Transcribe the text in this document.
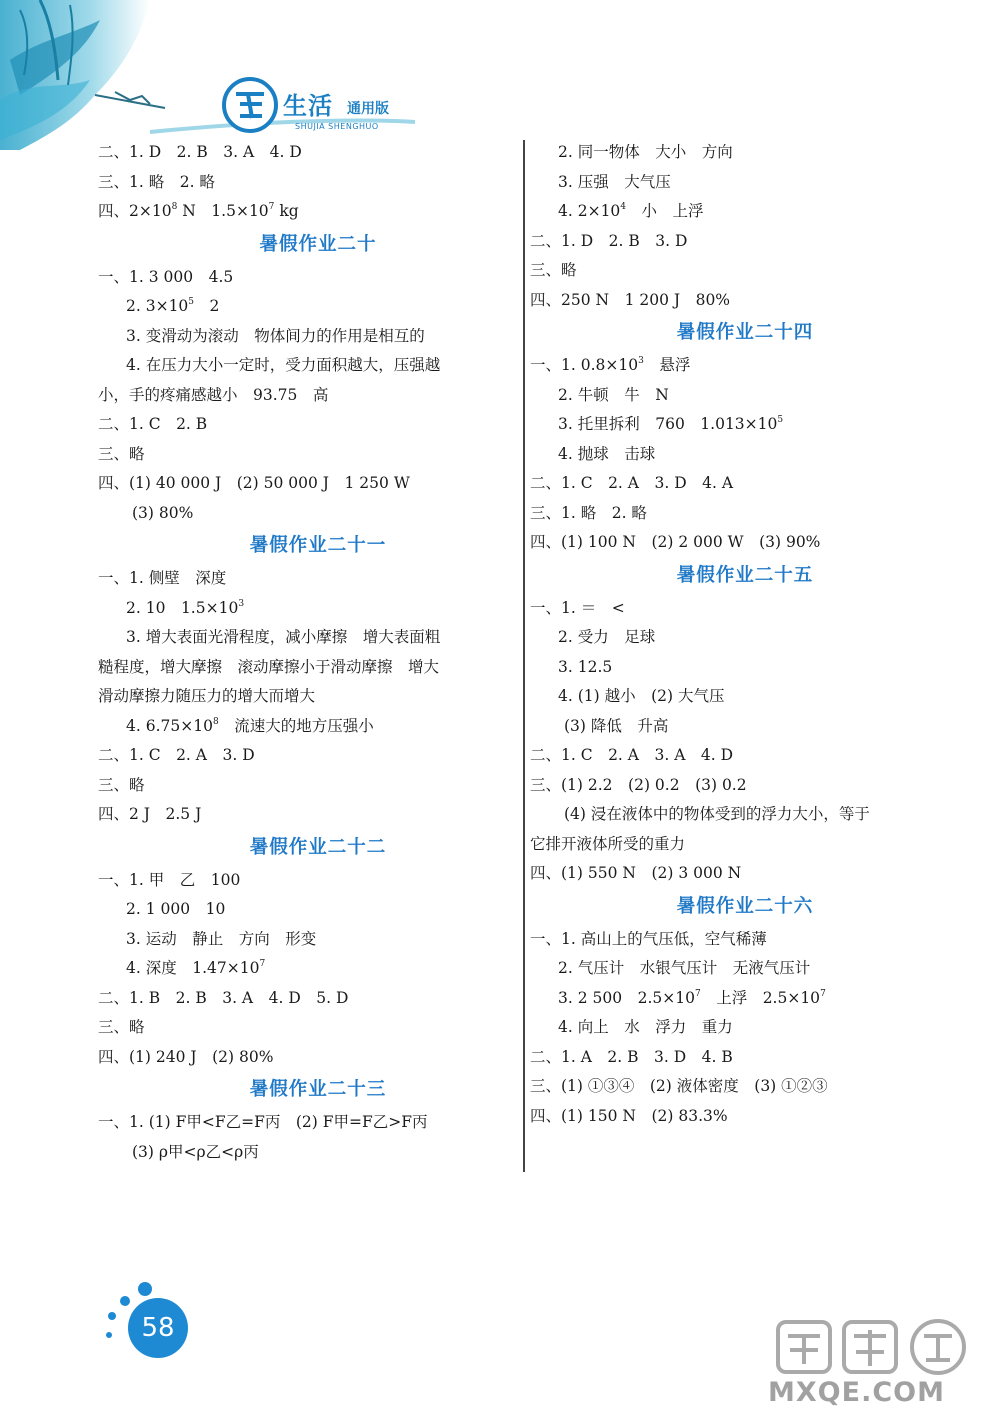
通用版
SHUJIA SHENGHUO
生活
二、1. D　2. B　3. A　4. D
三、1. 略　2. 略
四、$2\times 10^8$ N　$1.5\times 10^7$ kg
暑假作业二十
一、1. 3 000　4.5
2. $3\times 10^5$　2
3. 变滑动为滚动　物体间力的作用是相互的
4. 在压力大小一定时，受力面积越大，压强越
小，手的疼痛感越小　93.75　高
二、1. C　2. B
三、略
四、(1) 40 000 J　(2) 50 000 J　1 250 W
(3) 80%
暑假作业二十一
一、1. 侧壁　深度
2. 10　$1.5\times 10^3$
3. 增大表面光滑程度，减小摩擦　增大表面粗
糙程度，增大摩擦　滚动摩擦小于滑动摩擦　增大
滑动摩擦力随压力的增大而增大
4. $6.75\times 10^8$　流速大的地方压强小
二、1. C　2. A　3. D
三、略
四、2 J　2.5 J
暑假作业二十二
一、1. 甲　乙　100
2. 1 000　10
3. 运动　静止　方向　形变
4. 深度　$1.47\times 10^7$
二、1. B　2. B　3. A　4. D　5. D
三、略
四、(1) 240 J　(2) 80%
暑假作业二十三
一、1. (1) F甲<F乙=F丙　(2) F甲=F乙>F丙
(3) ρ甲<ρ乙<ρ丙
2. 同一物体　大小　方向
3. 压强　大气压
4. $2\times 10^4$　小　上浮
二、1. D　2. B　3. D
三、略
四、250 N　1 200 J　80%
暑假作业二十四
一、1. $0.8\times 10^3$　悬浮
2. 牛顿　牛　N
3. 托里拆利　760　$1.013\times 10^5$
4. 抛球　击球
二、1. C　2. A　3. D　4. A
三、1. 略　2. 略
四、(1) 100 N　(2) 2 000 W　(3) 90%
暑假作业二十五
一、1. ＝　<
2. 受力　足球
3. 12.5
4. (1) 越小　(2) 大气压
(3) 降低　升高
二、1. C　2. A　3. A　4. D
三、(1) 2.2　(2) 0.2　(3) 0.2
(4) 浸在液体中的物体受到的浮力大小，等于
它排开液体所受的重力
四、(1) 550 N　(2) 3 000 N
暑假作业二十六
一、1. 高山上的气压低，空气稀薄
2. 气压计　水银气压计　无液气压计
3. 2 500　$2.5\times 10^7$　上浮　$2.5\times 10^7$
4. 向上　水　浮力　重力
二、1. A　2. B　3. D　4. B
三、(1) ①③④　(2) 液体密度　(3) ①②③
四、(1) 150 N　(2) 83.3%
58
MXQE.COM
